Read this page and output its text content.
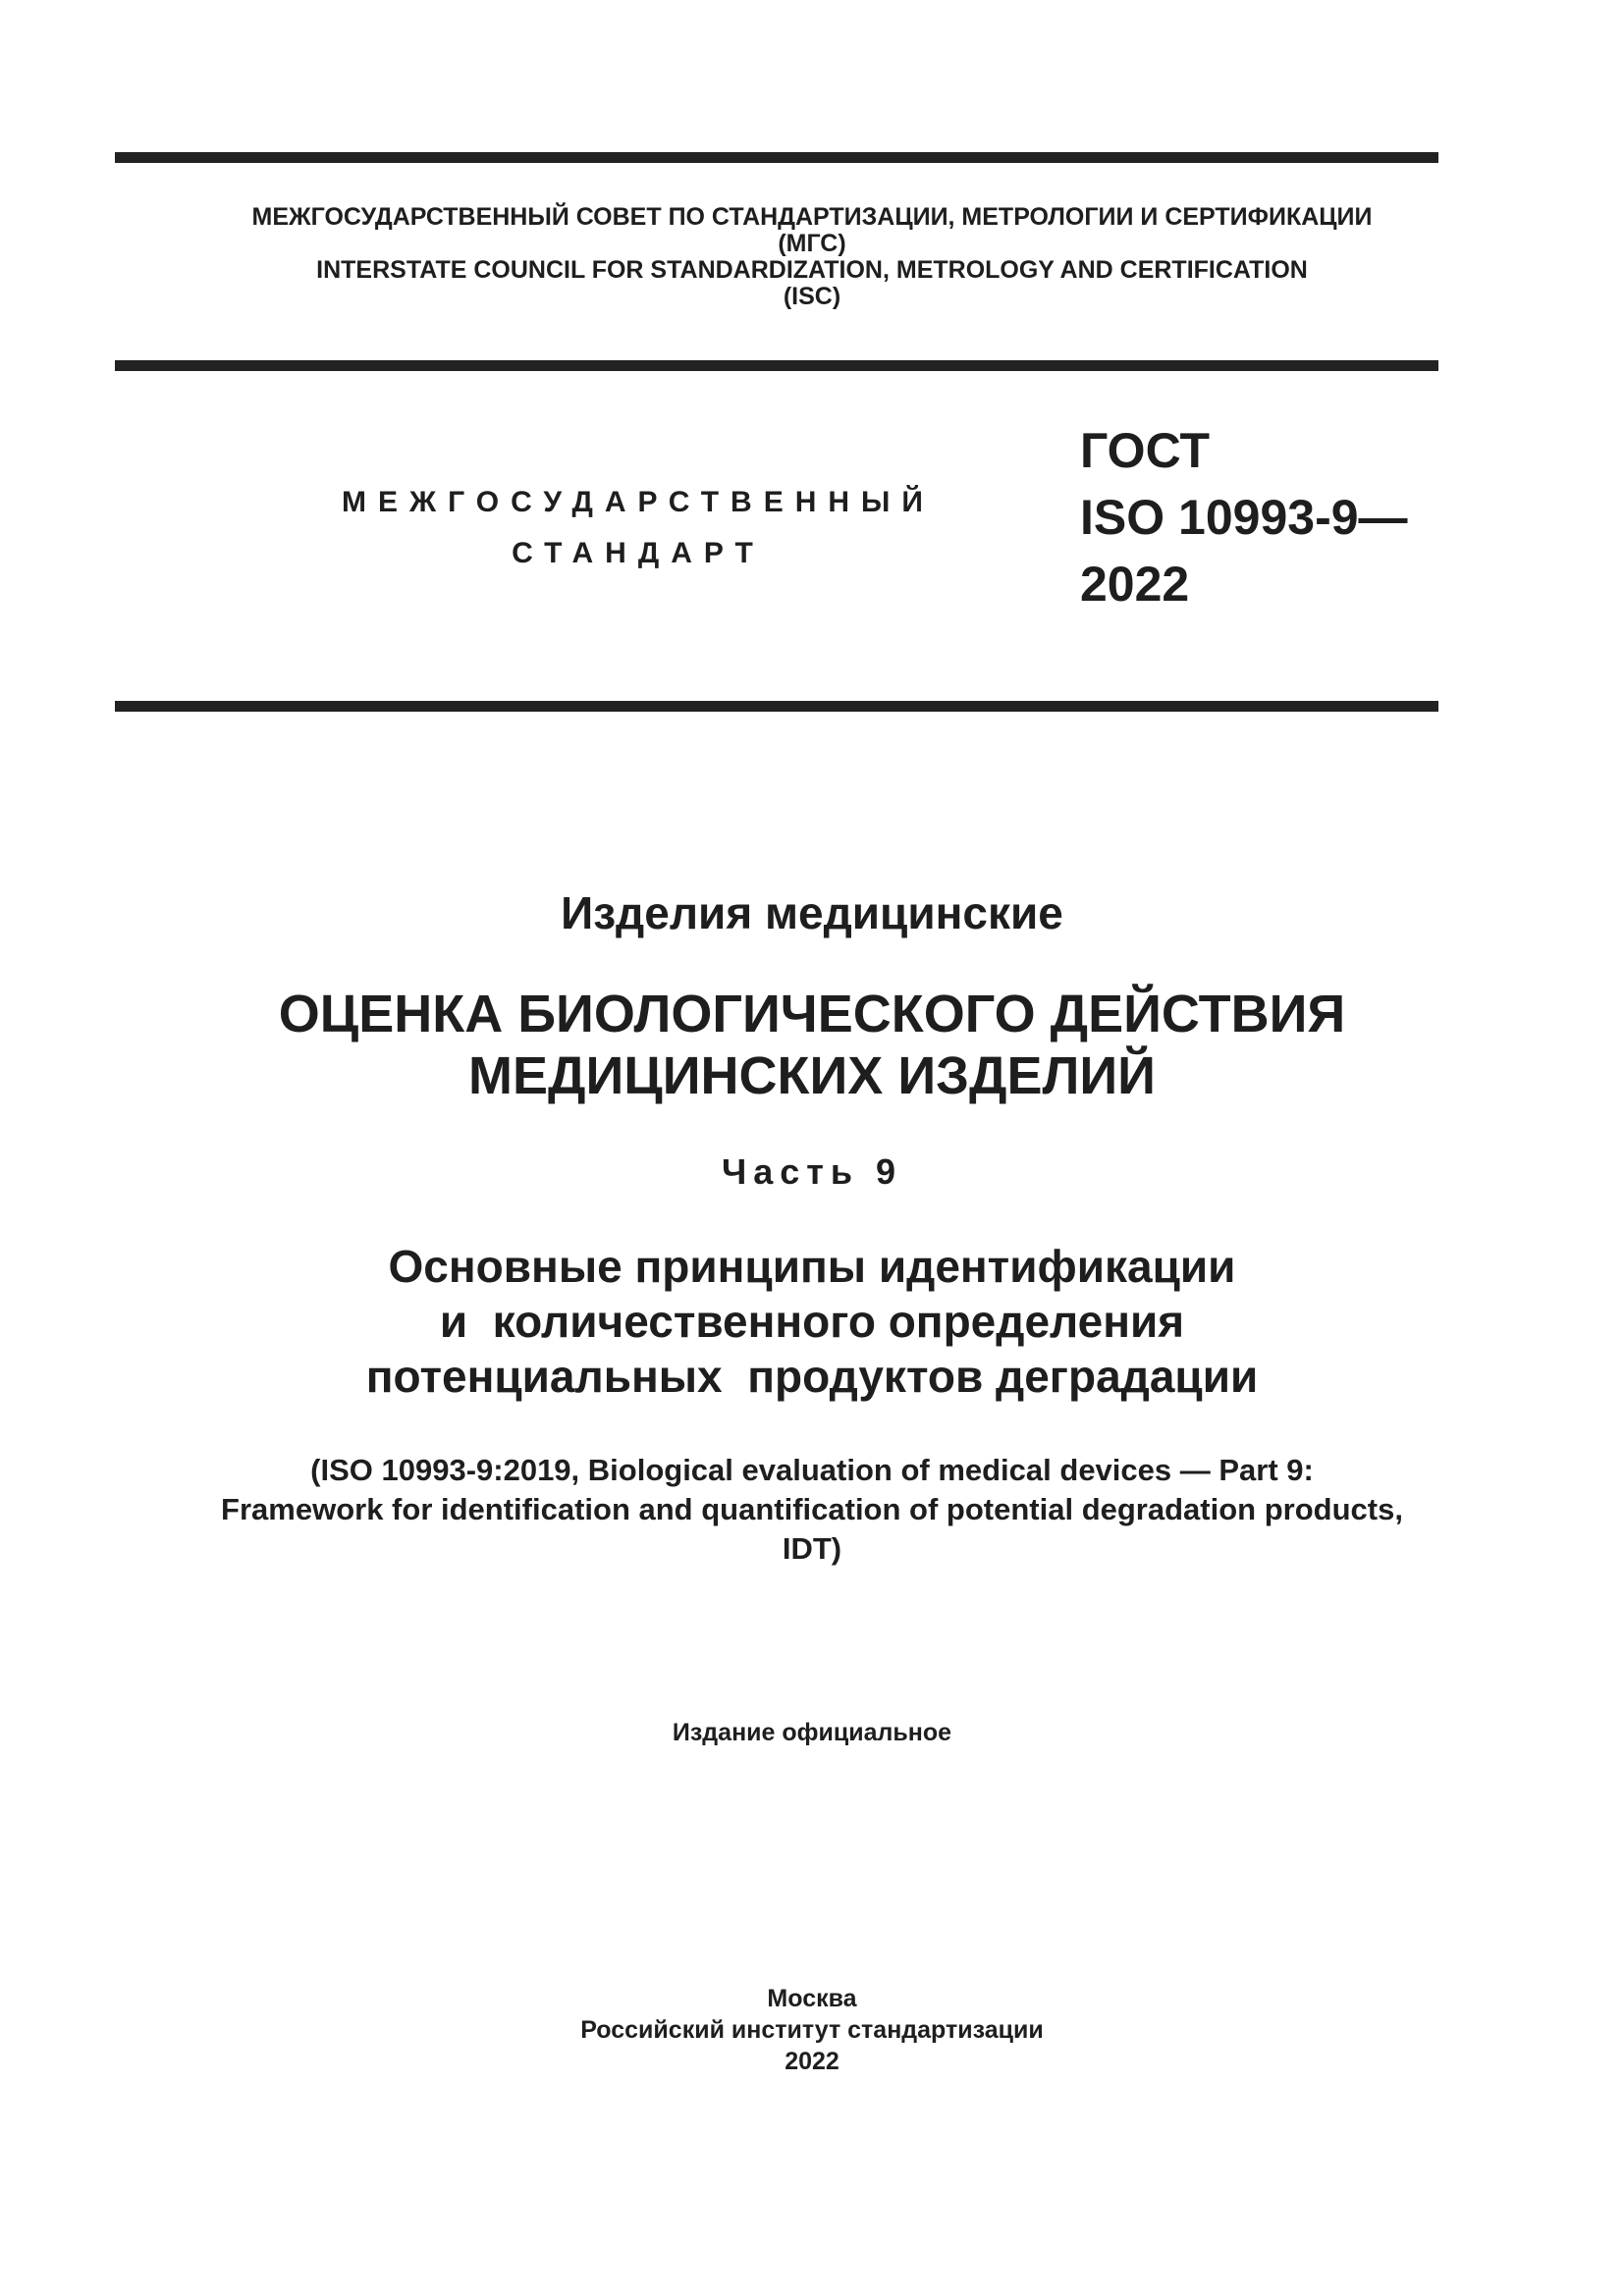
МЕЖГОСУДАРСТВЕННЫЙ СОВЕТ ПО СТАНДАРТИЗАЦИИ, МЕТРОЛОГИИ И СЕРТИФИКАЦИИ
(МГС)
INTERSTATE COUNCIL FOR STANDARDIZATION, METROLOGY AND CERTIFICATION
(ISC)
МЕЖГОСУДАРСТВЕННЫЙ
СТАНДАРТ
ГОСТ
ISO 10993-9—
2022
Изделия медицинские
ОЦЕНКА БИОЛОГИЧЕСКОГО ДЕЙСТВИЯ
МЕДИЦИНСКИХ ИЗДЕЛИЙ
Часть 9
Основные принципы идентификации
и  количественного определения
потенциальных  продуктов деградации
(ISO 10993-9:2019, Biological evaluation of medical devices — Part 9:
Framework for identification and quantification of potential degradation products,
IDT)
Издание официальное
Москва
Российский институт стандартизации
2022
